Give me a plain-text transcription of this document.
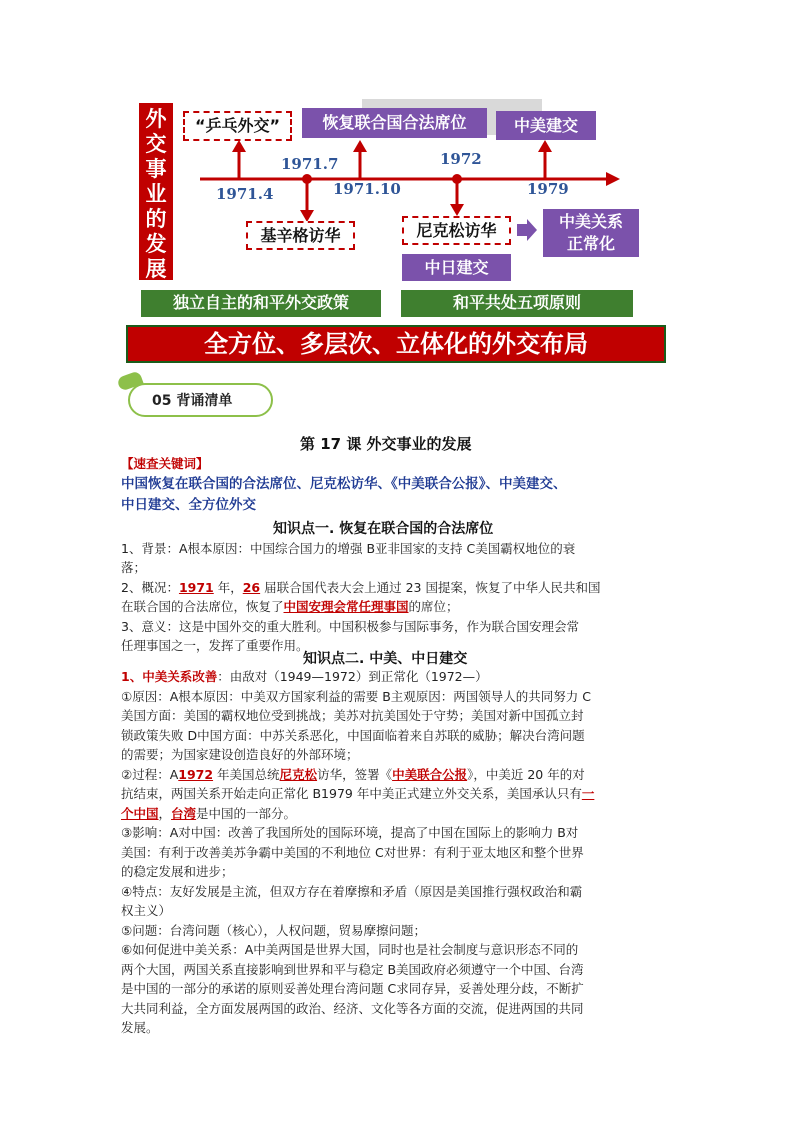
外
交
事
业
的
发
展
“乒乓外交”	恢复联合国合法席位	中美建交
1971.4
1971.7
1971.10
1972
1979
基辛格访华	尼克松访华	中美关系
正常化
中日建交
独立自主的和平外交政策	和平共处五项原则
全方位、多层次、立体化的外交布局
05 背诵清单
第 17 课 外交事业的发展
【速查关键词】
中国恢复在联合国的合法席位、尼克松访华、《中美联合公报》、中美建交、
中日建交、全方位外交
知识点一. 恢复在联合国的合法席位
1、背景：A根本原因：中国综合国力的增强 B亚非国家的支持 C美国霸权地位的衰
落；
2、概况：1971 年，26 届联合国代表大会上通过 23 国提案，恢复了中华人民共和国
在联合国的合法席位，恢复了中国安理会常任理事国的席位；
3、意义：这是中国外交的重大胜利。中国积极参与国际事务，作为联合国安理会常
任理事国之一，发挥了重要作用。
知识点二. 中美、中日建交
1、中美关系改善：由敌对（1949—1972）到正常化（1972—）
①原因：A根本原因：中美双方国家利益的需要 B主观原因：两国领导人的共同努力 C
美国方面：美国的霸权地位受到挑战；美苏对抗美国处于守势；美国对新中国孤立封
锁政策失败 D中国方面：中苏关系恶化，中国面临着来自苏联的威胁；解决台湾问题
的需要；为国家建设创造良好的外部环境；
②过程：A1972 年美国总统尼克松访华，签署《中美联合公报》，中美近 20 年的对
抗结束，两国关系开始走向正常化 B1979 年中美正式建立外交关系，美国承认只有一
个中国，台湾是中国的一部分。
③影响：A对中国：改善了我国所处的国际环境，提高了中国在国际上的影响力 B对
美国：有利于改善美苏争霸中美国的不利地位 C对世界：有利于亚太地区和整个世界
的稳定发展和进步；
④特点：友好发展是主流，但双方存在着摩擦和矛盾（原因是美国推行强权政治和霸
权主义）
⑤问题：台湾问题（核心），人权问题，贸易摩擦问题；
⑥如何促进中美关系：A中美两国是世界大国，同时也是社会制度与意识形态不同的
两个大国，两国关系直接影响到世界和平与稳定 B美国政府必须遵守一个中国、台湾
是中国的一部分的承诺的原则妥善处理台湾问题 C求同存异，妥善处理分歧，不断扩
大共同利益，全方面发展两国的政治、经济、文化等各方面的交流，促进两国的共同
发展。
